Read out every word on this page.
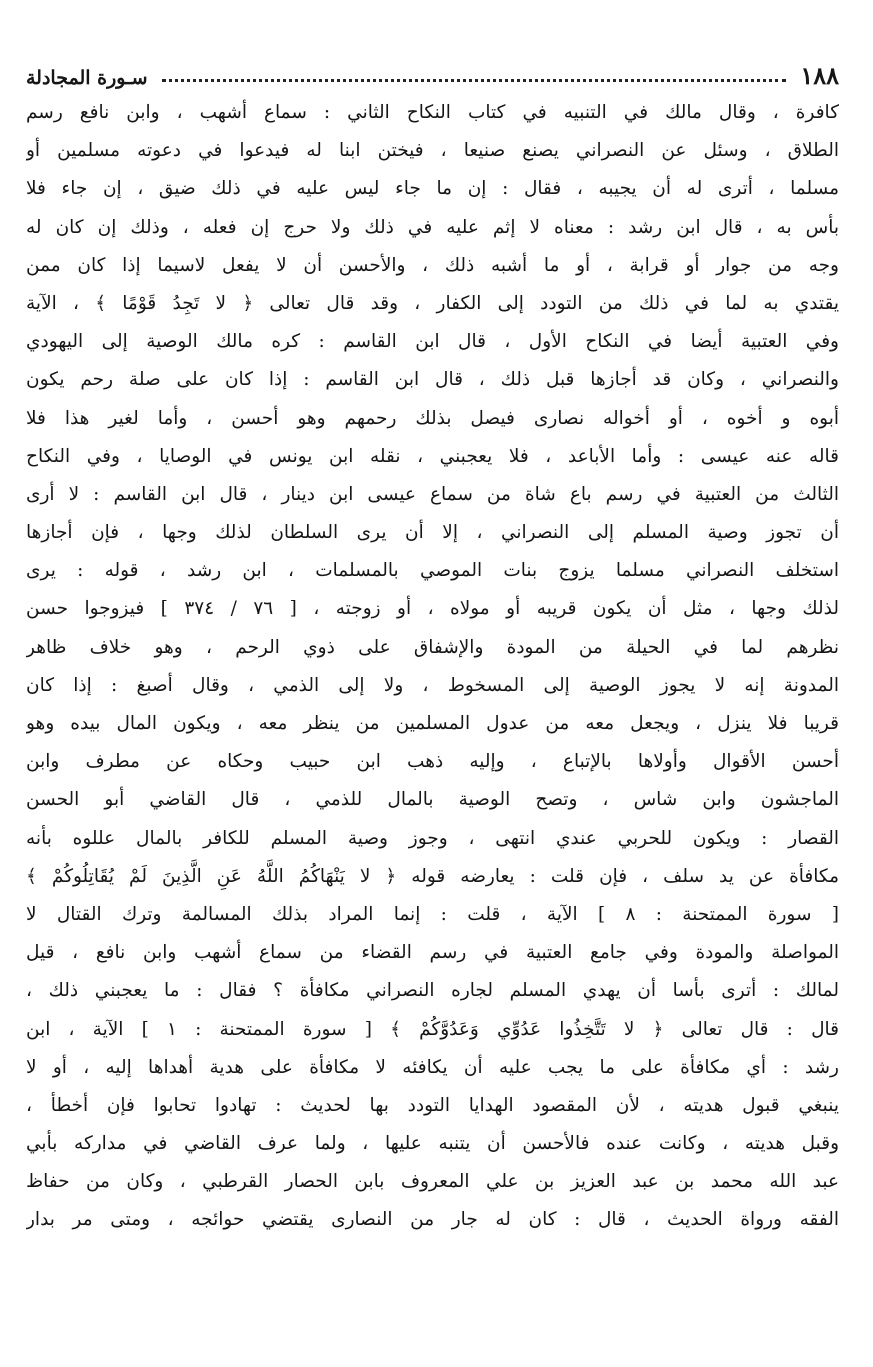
١٨٨
سـورة المجادلة
كافرة ، وقال مالك في التنبيه في كتاب النكاح الثاني : سماع أشهب ، وابن نافع رسم
الطلاق ، وسئل عن النصراني يصنع صنيعا ، فيختن ابنا له فيدعوا في دعوته مسلمين أو
مسلما ، أترى له أن يجيبه ، فقال : إن ما جاء ليس عليه في ذلك ضيق ، إن جاء فلا
بأس به ، قال ابن رشد : معناه لا إثم عليه في ذلك ولا حرج إن فعله ، وذلك إن كان له
وجه من جوار أو قرابة ، أو ما أشبه ذلك ، والأحسن أن لا يفعل لاسيما إذا كان ممن
يقتدي به لما في ذلك من التودد إلى الكفار ، وقد قال تعالى ﴿ لا تَجِدُ قَوْمًا ﴾ ، الآية
وفي العتبية أيضا في النكاح الأول ، قال ابن القاسم : كره مالك الوصية إلى اليهودي
والنصراني ، وكان قد أجازها قبل ذلك ، قال ابن القاسم : إذا كان على صلة رحم يكون
أبوه و أخوه ، أو أخواله نصارى فيصل بذلك رحمهم وهو أحسن ، وأما لغير هذا فلا
قاله عنه عيسى : وأما الأباعد ، فلا يعجبني ، نقله ابن يونس في الوصايا ، وفي النكاح
الثالث من العتبية في رسم باع شاة من سماع عيسى ابن دينار ، قال ابن القاسم : لا أرى
أن تجوز وصية المسلم إلى النصراني ، إلا أن يرى السلطان لذلك وجها ، فإن أجازها
استخلف النصراني مسلما يزوج بنات الموصي بالمسلمات ، ابن رشد ، قوله : يرى
لذلك وجها ، مثل أن يكون قريبه أو مولاه ، أو زوجته ، [ ٧٦ / ٣٧٤ ] فيزوجوا حسن
نظرهم لما في الحيلة من المودة والإشفاق على ذوي الرحم ، وهو خلاف ظاهر
المدونة إنه لا يجوز الوصية إلى المسخوط ، ولا إلى الذمي ، وقال أصبغ : إذا كان
قريبا فلا ينزل ، ويجعل معه من عدول المسلمين من ينظر معه ، ويكون المال بيده وهو
أحسن الأقوال وأولاها بالإتباع ، وإليه ذهب ابن حبيب وحكاه عن مطرف وابن
الماجشون وابن شاس ، وتصح الوصية بالمال للذمي ، قال القاضي أبو الحسن
القصار : ويكون للحربي عندي انتهى ، وجوز وصية المسلم للكافر بالمال عللوه بأنه
مكافأة عن يد سلف ، فإن قلت : يعارضه قوله ﴿ لا يَنْهَاكُمُ اللَّهُ عَنِ الَّذِينَ لَمْ يُقَاتِلُوكُمْ ﴾
[ سورة الممتحنة : ٨ ] الآية ، قلت : إنما المراد بذلك المسالمة وترك القتال لا
المواصلة والمودة وفي جامع العتبية في رسم القضاء من سماع أشهب وابن نافع ، قيل
لمالك : أترى بأسا أن يهدي المسلم لجاره النصراني مكافأة ؟ فقال : ما يعجبني ذلك ،
قال : قال تعالى ﴿ لا تَتَّخِذُوا عَدُوِّي وَعَدُوَّكُمْ ﴾ [ سورة الممتحنة : ١ ] الآية ، ابن
رشد : أي مكافأة على ما يجب عليه أن يكافئه لا مكافأة على هدية أهداها إليه ، أو لا
ينبغي قبول هديته ، لأن المقصود الهدايا التودد بها لحديث : تهادوا تحابوا فإن أخطأ ،
وقبل هديته ، وكانت عنده فالأحسن أن يتنبه عليها ، ولما عرف القاضي في مداركه بأبي
عبد الله محمد بن عبد العزيز بن علي المعروف بابن الحصار القرطبي ، وكان من حفاظ
الفقه ورواة الحديث ، قال : كان له جار من النصارى يقتضي حوائجه ، ومتى مر بدار
